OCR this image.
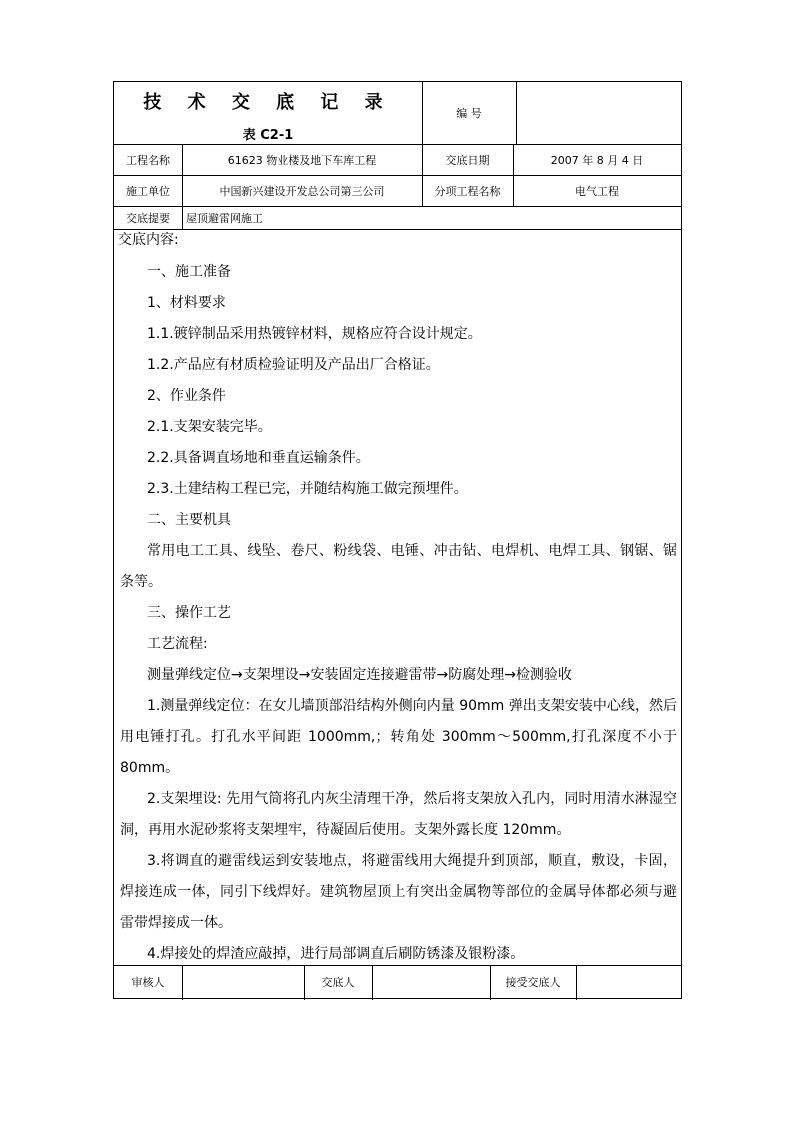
技 术 交 底 记 录
表 C2-1
编 号
工程名称	61623 物业楼及地下车库工程	交底日期	2007 年 8 月 4 日
施工单位	中国新兴建设开发总公司第三公司	分项工程名称	电气工程
交底提要	屋顶避雷网施工

交底内容:

一、施工准备

1、材料要求

1.1.镀锌制品采用热镀锌材料，规格应符合设计规定。

1.2.产品应有材质检验证明及产品出厂合格证。

2、作业条件

2.1.支架安装完毕。

2.2.具备调直场地和垂直运输条件。

2.3.土建结构工程已完，并随结构施工做完预埋件。

二、主要机具

常用电工工具、线坠、卷尺、粉线袋、电锤、冲击钻、电焊机、电焊工具、钢锯、锯条等。

三、操作工艺

工艺流程:

测量弹线定位→支架埋设→安装固定连接避雷带→防腐处理→检测验收

1.测量弹线定位：在女儿墙顶部沿结构外侧向内量 90mm 弹出支架安装中心线，然后用电锤打孔。打孔水平间距 1000mm,；转角处 300mm～500mm,打孔深度不小于 80mm。

2.支架埋设: 先用气筒将孔内灰尘清理干净，然后将支架放入孔内，同时用清水淋湿空洞，再用水泥砂浆将支架埋牢，待凝固后使用。支架外露长度 120mm。

3.将调直的避雷线运到安装地点，将避雷线用大绳提升到顶部，顺直，敷设，卡固，焊接连成一体，同引下线焊好。建筑物屋顶上有突出金属物等部位的金属导体都必须与避雷带焊接成一体。

4.焊接处的焊渣应敲掉，进行局部调直后刷防锈漆及银粉漆。

审核人	交底人	接受交底人
